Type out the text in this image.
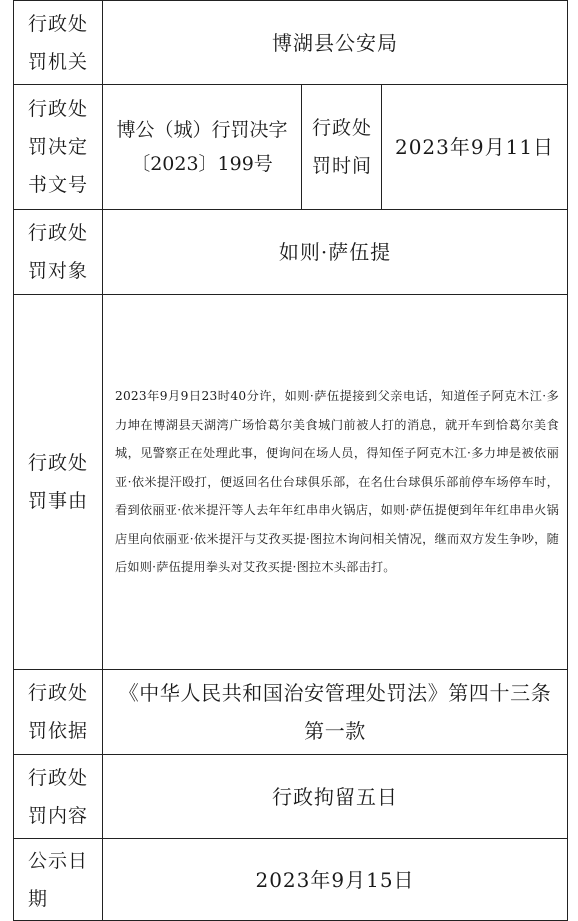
行政处罚机关	博湖县公安局		
行政处罚决定书文号	博公（城）行罚决字〔2023〕199号	行政处罚时间	2023年9月11日
行政处罚对象	如则·萨伍提		
行政处罚事由	2023年9月9日23时40分许，如则·萨伍提接到父亲电话，知道侄子阿克木江·多力坤在博湖县天湖湾广场恰葛尔美食城门前被人打的消息，就开车到恰葛尔美食城，见警察正在处理此事，便询问在场人员，得知侄子阿克木江·多力坤是被依丽亚·依米提汗殴打，便返回名仕台球俱乐部，在名仕台球俱乐部前停车场停车时，看到依丽亚·依米提汗等人去年年红串串火锅店，如则·萨伍提便到年年红串串火锅店里向依丽亚·依米提汗与艾孜买提·图拉木询问相关情况，继而双方发生争吵，随后如则·萨伍提用拳头对艾孜买提·图拉木头部击打。		
行政处罚依据	《中华人民共和国治安管理处罚法》第四十三条第一款		
行政处罚内容	行政拘留五日		
公示日期	2023年9月15日		
